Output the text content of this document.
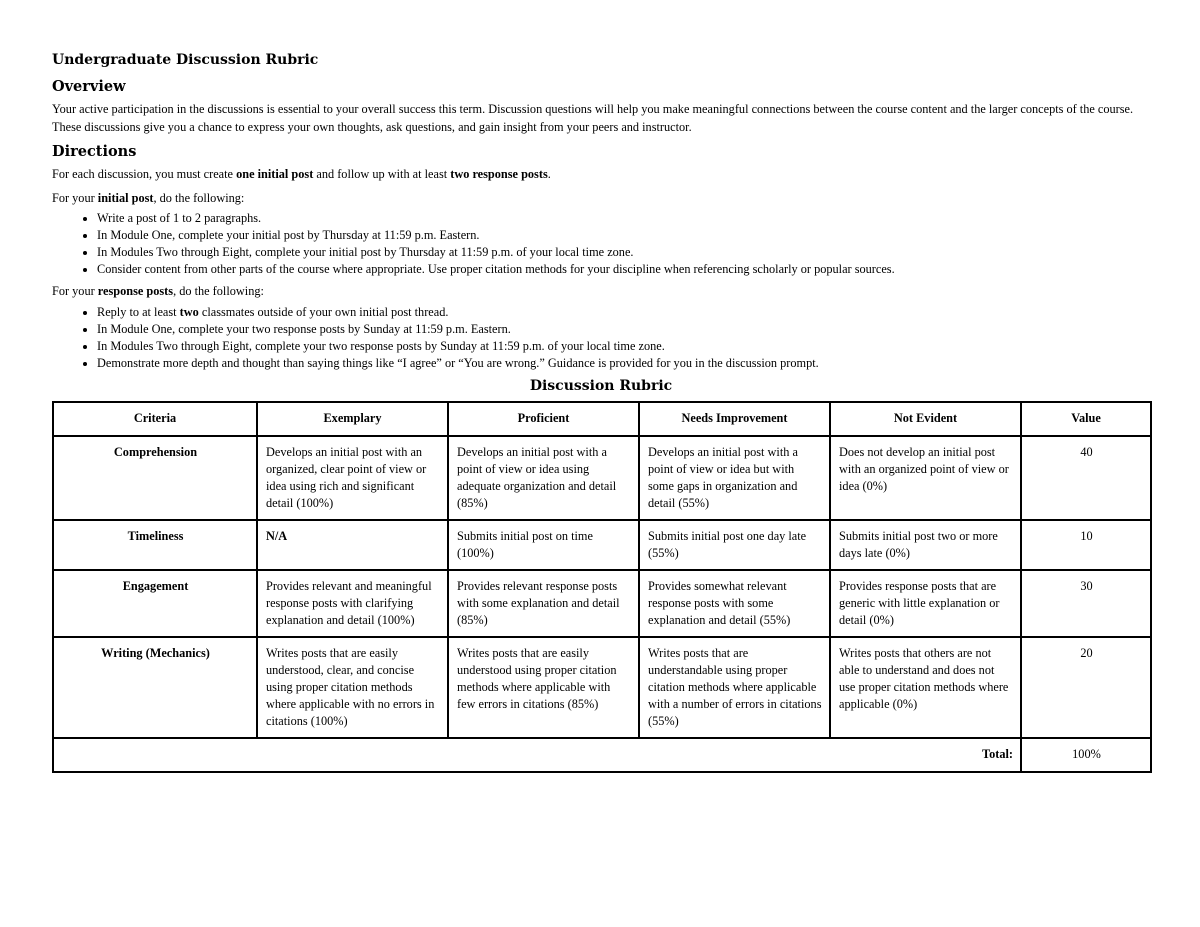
Undergraduate Discussion Rubric
Overview

Your active participation in the discussions is essential to your overall success this term. Discussion questions will help you make meaningful connections between the course content and the larger concepts of the course. These discussions give you a chance to express your own thoughts, ask questions, and gain insight from your peers and instructor.

Directions

For each discussion, you must create one initial post and follow up with at least two response posts.

For your initial post, do the following:

• Write a post of 1 to 2 paragraphs.
• In Module One, complete your initial post by Thursday at 11:59 p.m. Eastern.
• In Modules Two through Eight, complete your initial post by Thursday at 11:59 p.m. of your local time zone.
• Consider content from other parts of the course where appropriate. Use proper citation methods for your discipline when referencing scholarly or popular sources.

For your response posts, do the following:

• Reply to at least two classmates outside of your own initial post thread.
• In Module One, complete your two response posts by Sunday at 11:59 p.m. Eastern.
• In Modules Two through Eight, complete your two response posts by Sunday at 11:59 p.m. of your local time zone.
• Demonstrate more depth and thought than saying things like “I agree” or “You are wrong.” Guidance is provided for you in the discussion prompt.
Discussion Rubric
Criteria	Exemplary	Proficient	Needs Improvement	Not Evident	Value
Comprehension	Develops an initial post with an organized, clear point of view or idea using rich and significant detail (100%)	Develops an initial post with a point of view or idea using adequate organization and detail (85%)	Develops an initial post with a point of view or idea but with some gaps in organization and detail (55%)	Does not develop an initial post with an organized point of view or idea (0%)	40
Timeliness	N/A	Submits initial post on time (100%)	Submits initial post one day late (55%)	Submits initial post two or more days late (0%)	10
Engagement	Provides relevant and meaningful response posts with clarifying explanation and detail (100%)	Provides relevant response posts with some explanation and detail (85%)	Provides somewhat relevant response posts with some explanation and detail (55%)	Provides response posts that are generic with little explanation or detail (0%)	30
Writing (Mechanics)	Writes posts that are easily understood, clear, and concise using proper citation methods where applicable with no errors in citations (100%)	Writes posts that are easily understood using proper citation methods where applicable with few errors in citations (85%)	Writes posts that are understandable using proper citation methods where applicable with a number of errors in citations (55%)	Writes posts that others are not able to understand and does not use proper citation methods where applicable (0%)	20
Total:					100%
